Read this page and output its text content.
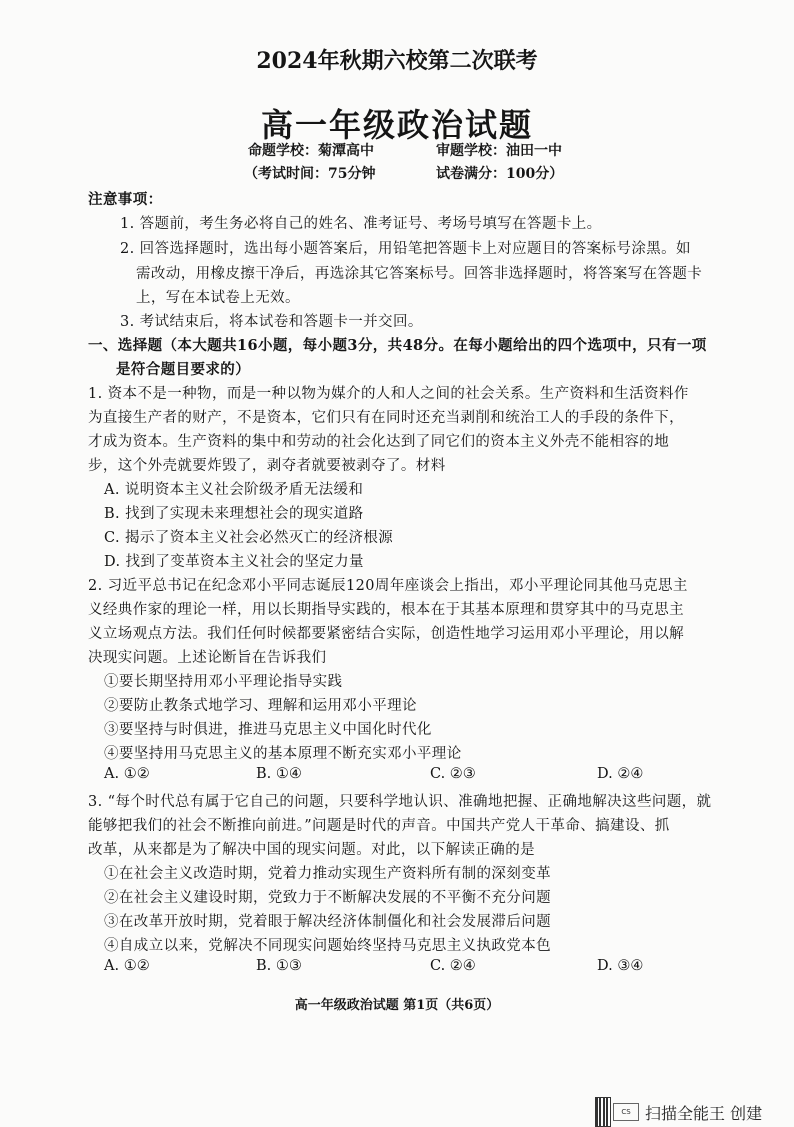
2024年秋期六校第二次联考
高一年级政治试题
命题学校：菊潭高中	审题学校：油田一中
（考试时间：75分钟	试卷满分：100分）
注意事项：
1. 答题前，考生务必将自己的姓名、准考证号、考场号填写在答题卡上。
2. 回答选择题时，选出每小题答案后，用铅笔把答题卡上对应题目的答案标号涂黑。如
需改动，用橡皮擦干净后，再选涂其它答案标号。回答非选择题时，将答案写在答题卡
上，写在本试卷上无效。
3. 考试结束后，将本试卷和答题卡一并交回。
一、选择题（本大题共16小题，每小题3分，共48分。在每小题给出的四个选项中，只有一项
是符合题目要求的）
1. 资本不是一种物，而是一种以物为媒介的人和人之间的社会关系。生产资料和生活资料作
为直接生产者的财产，不是资本，它们只有在同时还充当剥削和统治工人的手段的条件下，
才成为资本。生产资料的集中和劳动的社会化达到了同它们的资本主义外壳不能相容的地
步，这个外壳就要炸毁了，剥夺者就要被剥夺了。材料
A. 说明资本主义社会阶级矛盾无法缓和
B. 找到了实现未来理想社会的现实道路
C. 揭示了资本主义社会必然灭亡的经济根源
D. 找到了变革资本主义社会的坚定力量
2. 习近平总书记在纪念邓小平同志诞辰120周年座谈会上指出，邓小平理论同其他马克思主
义经典作家的理论一样，用以长期指导实践的，根本在于其基本原理和贯穿其中的马克思主
义立场观点方法。我们任何时候都要紧密结合实际，创造性地学习运用邓小平理论，用以解
决现实问题。上述论断旨在告诉我们
①要长期坚持用邓小平理论指导实践
②要防止教条式地学习、理解和运用邓小平理论
③要坚持与时俱进，推进马克思主义中国化时代化
④要坚持用马克思主义的基本原理不断充实邓小平理论
A. ①②	B. ①④	C. ②③	D. ②④
3. “每个时代总有属于它自己的问题，只要科学地认识、准确地把握、正确地解决这些问题，就
能够把我们的社会不断推向前进。”问题是时代的声音。中国共产党人干革命、搞建设、抓
改革，从来都是为了解决中国的现实问题。对此，以下解读正确的是
①在社会主义改造时期，党着力推动实现生产资料所有制的深刻变革
②在社会主义建设时期，党致力于不断解决发展的不平衡不充分问题
③在改革开放时期，党着眼于解决经济体制僵化和社会发展滞后问题
④自成立以来，党解决不同现实问题始终坚持马克思主义执政党本色
A. ①②	B. ①③	C. ②④	D. ③④
高一年级政治试题 第1页（共6页）
CS 扫描全能王 创建
